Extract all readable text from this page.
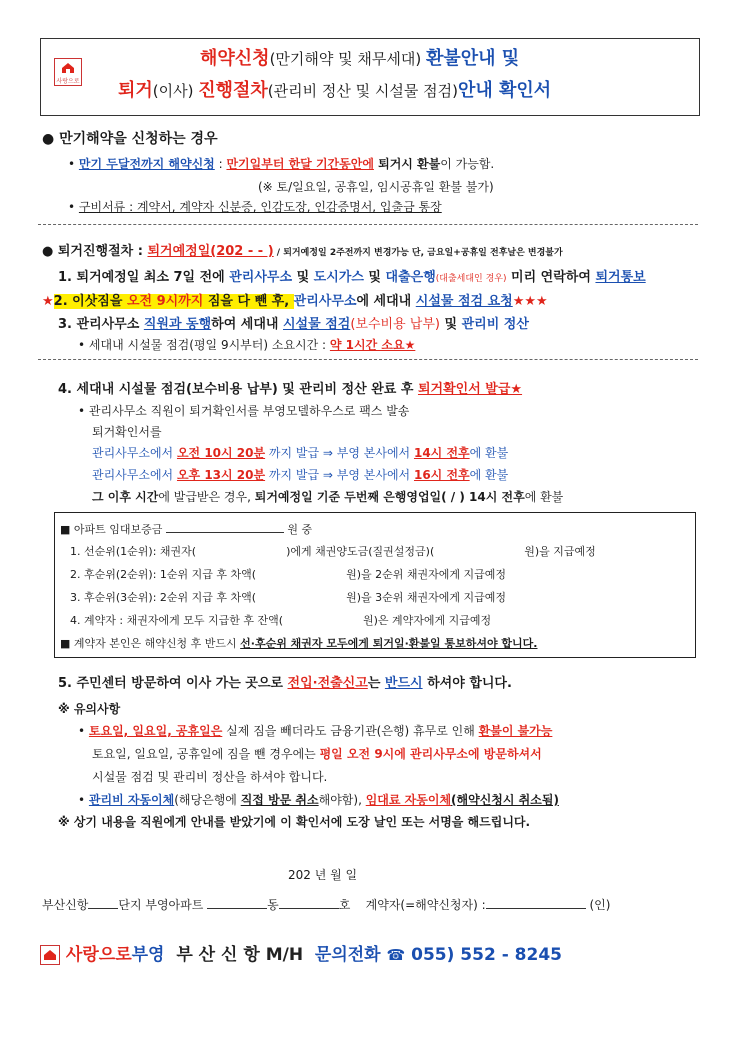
사랑으로
해약신청(만기해약 및 채무세대) 환불안내 및
퇴거(이사) 진행절차(관리비 정산 및 시설물 점검)안내 확인서
● 만기해약을 신청하는 경우
• 만기 두달전까지 해약신청 : 만기일부터 한달 기간동안에 퇴거시 환불이 가능함.
(※ 토/일요일, 공휴일, 임시공휴일 환불 불가)
• 구비서류 : 계약서, 계약자 신분증, 인감도장, 인감증명서, 입출금 통장
● 퇴거진행절차 : 퇴거예정일(202 - - ) / 퇴거예정일 2주전까지 변경가능 단, 금요일+공휴일 전후날은 변경불가
1. 퇴거예정일 최소 7일 전에 관리사무소 및 도시가스 및 대출은행(대출세대인 경우) 미리 연락하여 퇴거통보
★2. 이삿짐을 오전 9시까지 짐을 다 뺀 후, 관리사무소에 세대내 시설물 점검 요청★★★
3. 관리사무소 직원과 동행하여 세대내 시설물 점검(보수비용 납부) 및 관리비 정산
• 세대내 시설물 점검(평일 9시부터) 소요시간 : 약 1시간 소요★
4. 세대내 시설물 점검(보수비용 납부) 및 관리비 정산 완료 후 퇴거확인서 발급★
• 관리사무소 직원이 퇴거확인서를 부영모델하우스로 팩스 발송
퇴거확인서를
관리사무소에서 오전 10시 20분 까지 발급 ⇒ 부영 본사에서 14시 전후에 환불
관리사무소에서 오후 13시 20분 까지 발급 ⇒ 부영 본사에서 16시 전후에 환불
그 이후 시간에 발급받은 경우, 퇴거예정일 기준 두번째 은행영업일( / ) 14시 전후에 환불
■ 아파트 임대보증금	원 중
1. 선순위(1순위): 채권자(	)에게 채권양도금(질권설정금)(	원)을 지급예정
2. 후순위(2순위): 1순위 지급 후 차액(	원)을 2순위 채권자에게 지급예정
3. 후순위(3순위): 2순위 지급 후 차액(	원)을 3순위 채권자에게 지급예정
4. 계약자 : 채권자에게 모두 지급한 후 잔액(	원)은 계약자에게 지급예정
■ 계약자 본인은 해약신청 후 반드시 선·후순위 채권자 모두에게 퇴거일·환불일 통보하셔야 합니다.
5. 주민센터 방문하여 이사 가는 곳으로 전입·전출신고는 반드시 하셔야 합니다.
※ 유의사항
• 토요일, 일요일, 공휴일은 실제 짐을 빼더라도 금융기관(은행) 휴무로 인해 환불이 불가능
토요일, 일요일, 공휴일에 짐을 뺀 경우에는 평일 오전 9시에 관리사무소에 방문하셔서
시설물 점검 및 관리비 정산을 하셔야 합니다.
• 관리비 자동이체(해당은행에 직접 방문 취소해야함), 임대료 자동이체(해약신청시 취소됨)
※ 상기 내용을 직원에게 안내를 받았기에 이 확인서에 도장 날인 또는 서명을 해드립니다.
202 년 월 일
부산신항	단지 부영아파트	동	호 계약자(=해약신청자) :	(인)
사랑으로부영 부 산 신 항 M/H 문의전화 ☎ 055) 552 - 8245
